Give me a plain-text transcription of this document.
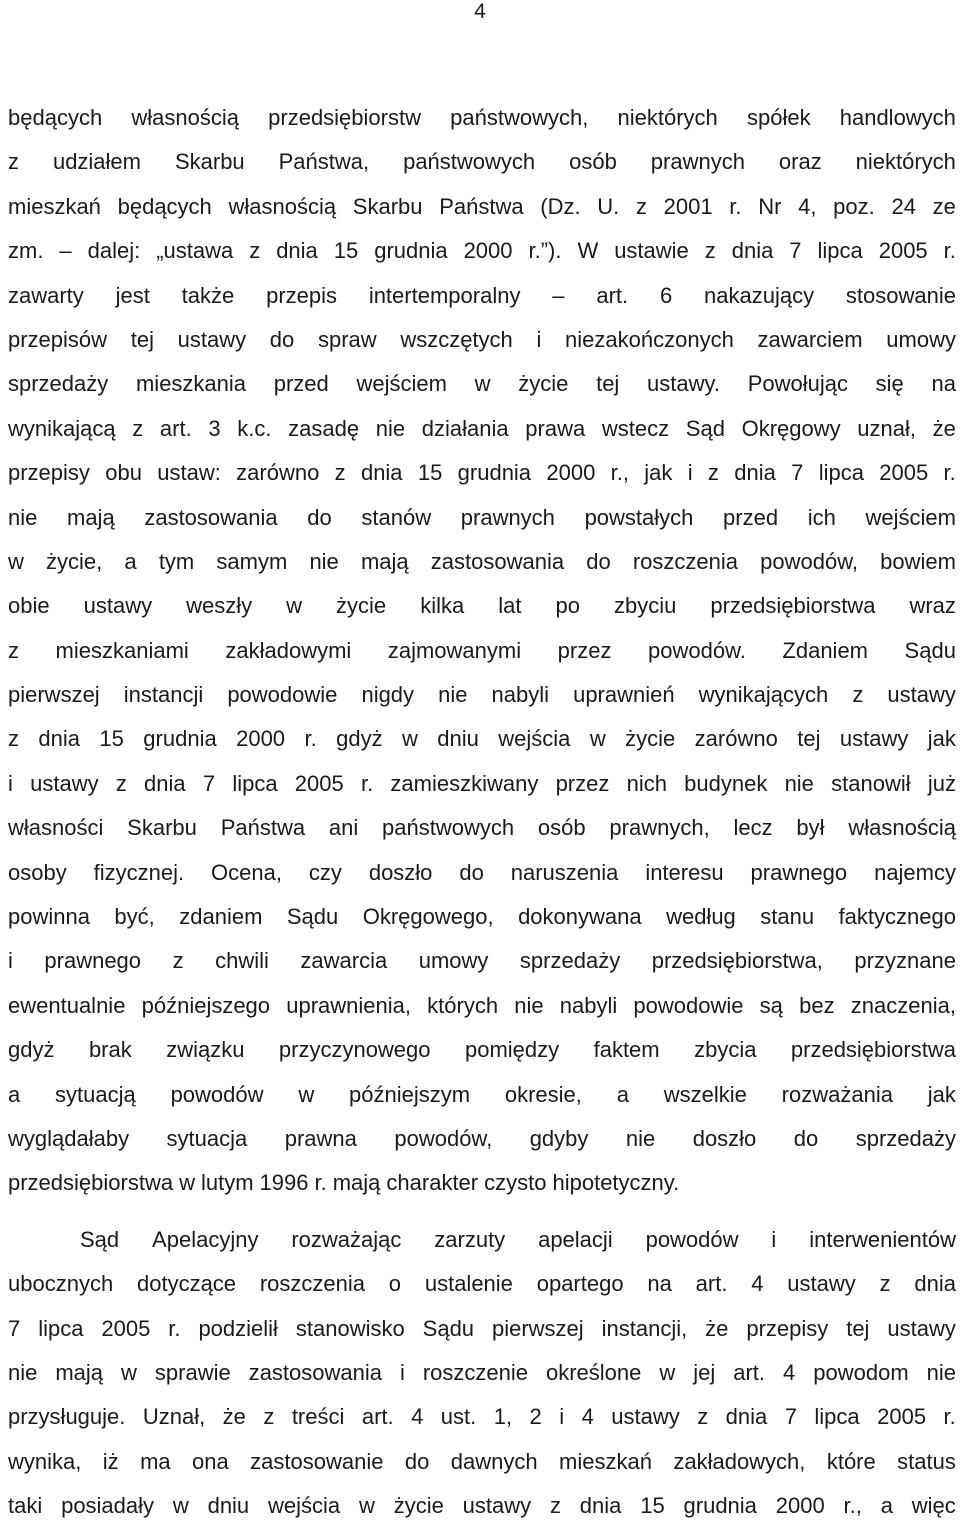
4
będących własnością przedsiębiorstw państwowych, niektórych spółek handlowych
z udziałem Skarbu Państwa, państwowych osób prawnych oraz niektórych
mieszkań będących własnością Skarbu Państwa (Dz. U. z 2001 r. Nr 4, poz. 24 ze
zm. – dalej: „ustawa z dnia 15 grudnia 2000 r.”). W ustawie z dnia 7 lipca 2005 r.
zawarty jest także przepis intertemporalny – art. 6 nakazujący stosowanie
przepisów tej ustawy do spraw wszczętych i niezakończonych zawarciem umowy
sprzedaży mieszkania przed wejściem w życie tej ustawy. Powołując się na
wynikającą z art. 3 k.c. zasadę nie działania prawa wstecz Sąd Okręgowy uznał, że
przepisy obu ustaw: zarówno z dnia 15 grudnia 2000 r., jak i z dnia 7 lipca 2005 r.
nie mają zastosowania do stanów prawnych powstałych przed ich wejściem
w życie, a tym samym nie mają zastosowania do roszczenia powodów, bowiem
obie ustawy weszły w życie kilka lat po zbyciu przedsiębiorstwa wraz
z mieszkaniami zakładowymi zajmowanymi przez powodów. Zdaniem Sądu
pierwszej instancji powodowie nigdy nie nabyli uprawnień wynikających z ustawy
z dnia 15 grudnia 2000 r. gdyż w dniu wejścia w życie zarówno tej ustawy jak
i ustawy z dnia 7 lipca 2005 r. zamieszkiwany przez nich budynek nie stanowił już
własności Skarbu Państwa ani państwowych osób prawnych, lecz był własnością
osoby fizycznej. Ocena, czy doszło do naruszenia interesu prawnego najemcy
powinna być, zdaniem Sądu Okręgowego, dokonywana według stanu faktycznego
i prawnego z chwili zawarcia umowy sprzedaży przedsiębiorstwa, przyznane
ewentualnie późniejszego uprawnienia, których nie nabyli powodowie są bez znaczenia,
gdyż brak związku przyczynowego pomiędzy faktem zbycia przedsiębiorstwa
a sytuacją powodów w późniejszym okresie, a wszelkie rozważania jak
wyglądałaby sytuacja prawna powodów, gdyby nie doszło do sprzedaży
przedsiębiorstwa w lutym 1996 r. mają charakter czysto hipotetyczny.
Sąd Apelacyjny rozważając zarzuty apelacji powodów i interwenientów
ubocznych dotyczące roszczenia o ustalenie opartego na art. 4 ustawy z dnia
7 lipca 2005 r. podzielił stanowisko Sądu pierwszej instancji, że przepisy tej ustawy
nie mają w sprawie zastosowania i roszczenie określone w jej art. 4 powodom nie
przysługuje. Uznał, że z treści art. 4 ust. 1, 2 i 4 ustawy z dnia 7 lipca 2005 r.
wynika, iż ma ona zastosowanie do dawnych mieszkań zakładowych, które status
taki posiadały w dniu wejścia w życie ustawy z dnia 15 grudnia 2000 r., a więc
